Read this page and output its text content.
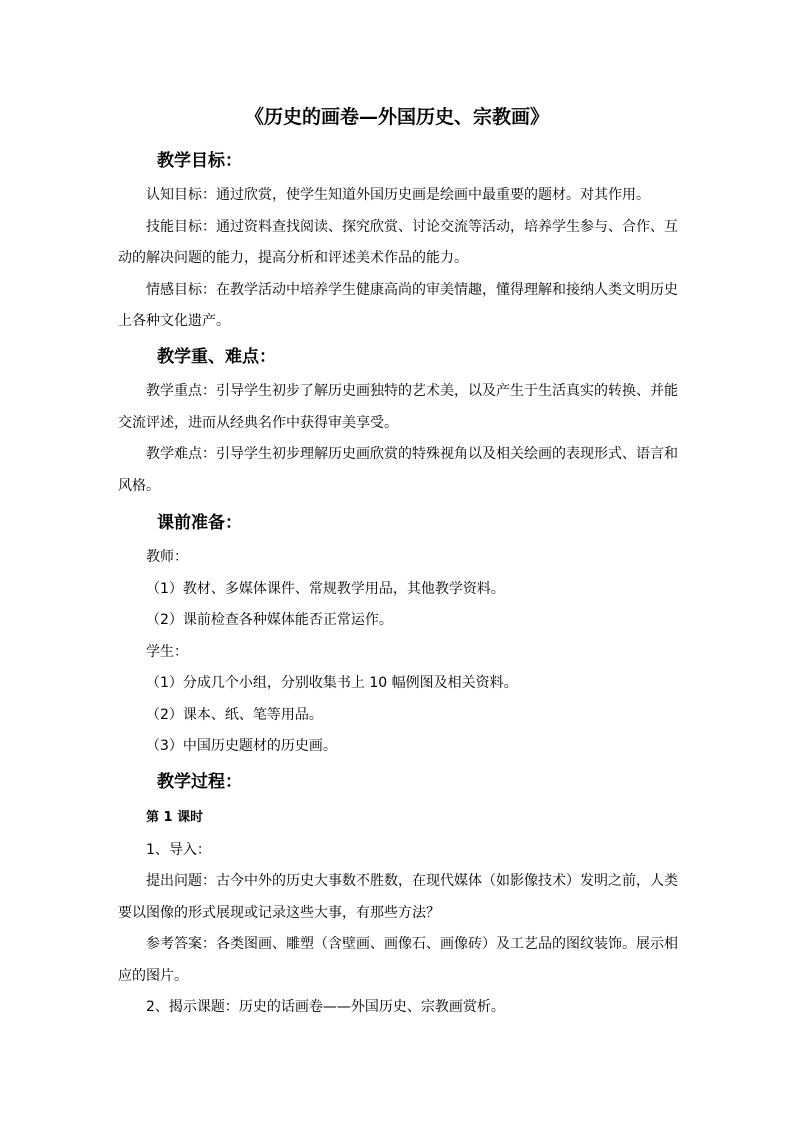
《历史的画卷—外国历史、宗教画》
教学目标：
认知目标：通过欣赏，使学生知道外国历史画是绘画中最重要的题材。对其作用。
技能目标：通过资料查找阅读、探究欣赏、讨论交流等活动，培养学生参与、合作、互
动的解决问题的能力，提高分析和评述美术作品的能力。
情感目标：在教学活动中培养学生健康高尚的审美情趣，懂得理解和接纳人类文明历史
上各种文化遗产。
教学重、难点：
教学重点：引导学生初步了解历史画独特的艺术美，以及产生于生活真实的转换、并能
交流评述，进而从经典名作中获得审美享受。
教学难点：引导学生初步理解历史画欣赏的特殊视角以及相关绘画的表现形式、语言和
风格。
课前准备：
教师：
（1）教材、多媒体课件、常规教学用品，其他教学资料。
（2）课前检查各种媒体能否正常运作。
学生：
（1）分成几个小组，分别收集书上 10 幅例图及相关资料。
（2）课本、纸、笔等用品。
（3）中国历史题材的历史画。
教学过程：
第 1 课时
1、导入：
提出问题：古今中外的历史大事数不胜数，在现代媒体（如影像技术）发明之前，人类
要以图像的形式展现或记录这些大事，有那些方法？
参考答案：各类图画、雕塑（含壁画、画像石、画像砖）及工艺品的图纹装饰。展示相
应的图片。
2、揭示课题：历史的话画卷——外国历史、宗教画赏析。
